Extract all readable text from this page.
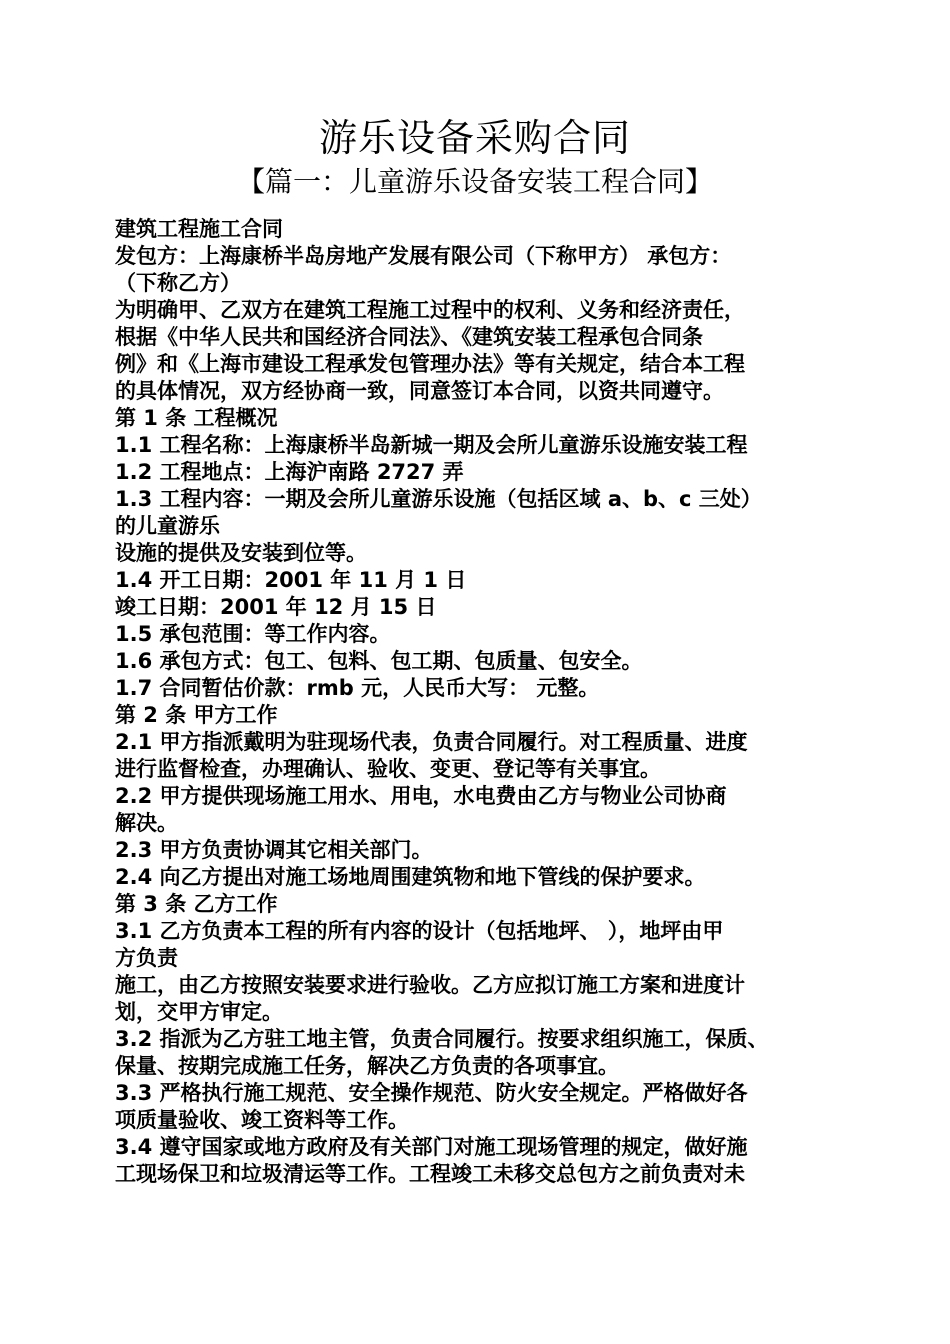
游乐设备采购合同
【篇一：儿童游乐设备安装工程合同】
建筑工程施工合同
发包方：上海康桥半岛房地产发展有限公司（下称甲方） 承包方：
（下称乙方）
为明确甲、乙双方在建筑工程施工过程中的权利、义务和经济责任，
根据《中华人民共和国经济合同法》、《建筑安装工程承包合同条
例》和《上海市建设工程承发包管理办法》等有关规定，结合本工程
的具体情况，双方经协商一致，同意签订本合同，以资共同遵守。
第 1 条 工程概况
1.1 工程名称：上海康桥半岛新城一期及会所儿童游乐设施安装工程
1.2 工程地点：上海沪南路 2727 弄
1.3 工程内容：一期及会所儿童游乐设施（包括区域 a、b、c 三处）
的儿童游乐
设施的提供及安装到位等。
1.4 开工日期：2001 年 11 月 1 日
竣工日期：2001 年 12 月 15 日
1.5 承包范围：等工作内容。
1.6 承包方式：包工、包料、包工期、包质量、包安全。
1.7 合同暂估价款：rmb 元，人民币大写： 元整。
第 2 条 甲方工作
2.1 甲方指派戴明为驻现场代表，负责合同履行。对工程质量、进度
进行监督检查，办理确认、验收、变更、登记等有关事宜。
2.2 甲方提供现场施工用水、用电，水电费由乙方与物业公司协商
解决。
2.3 甲方负责协调其它相关部门。
2.4 向乙方提出对施工场地周围建筑物和地下管线的保护要求。
第 3 条 乙方工作
3.1 乙方负责本工程的所有内容的设计（包括地坪、 ），地坪由甲
方负责
施工，由乙方按照安装要求进行验收。乙方应拟订施工方案和进度计
划，交甲方审定。
3.2 指派为乙方驻工地主管，负责合同履行。按要求组织施工，保质、
保量、按期完成施工任务，解决乙方负责的各项事宜。
3.3 严格执行施工规范、安全操作规范、防火安全规定。严格做好各
项质量验收、竣工资料等工作。
3.4 遵守国家或地方政府及有关部门对施工现场管理的规定，做好施
工现场保卫和垃圾清运等工作。工程竣工未移交总包方之前负责对未
